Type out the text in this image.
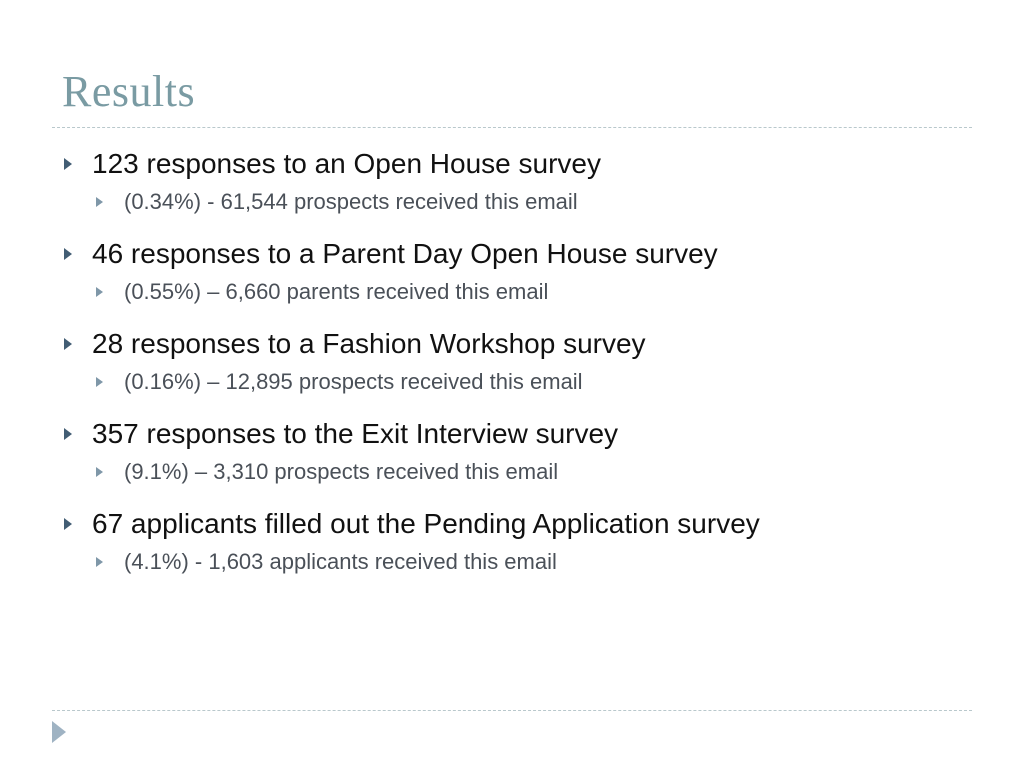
Results
123 responses to an Open House survey
(0.34%) - 61,544 prospects received this email
46 responses to a Parent Day Open House survey
(0.55%) – 6,660 parents received this email
28 responses to a Fashion Workshop survey
(0.16%) – 12,895 prospects received this email
357 responses to the Exit Interview survey
(9.1%) – 3,310 prospects received this email
67 applicants filled out the Pending Application survey
(4.1%) - 1,603 applicants received this email
